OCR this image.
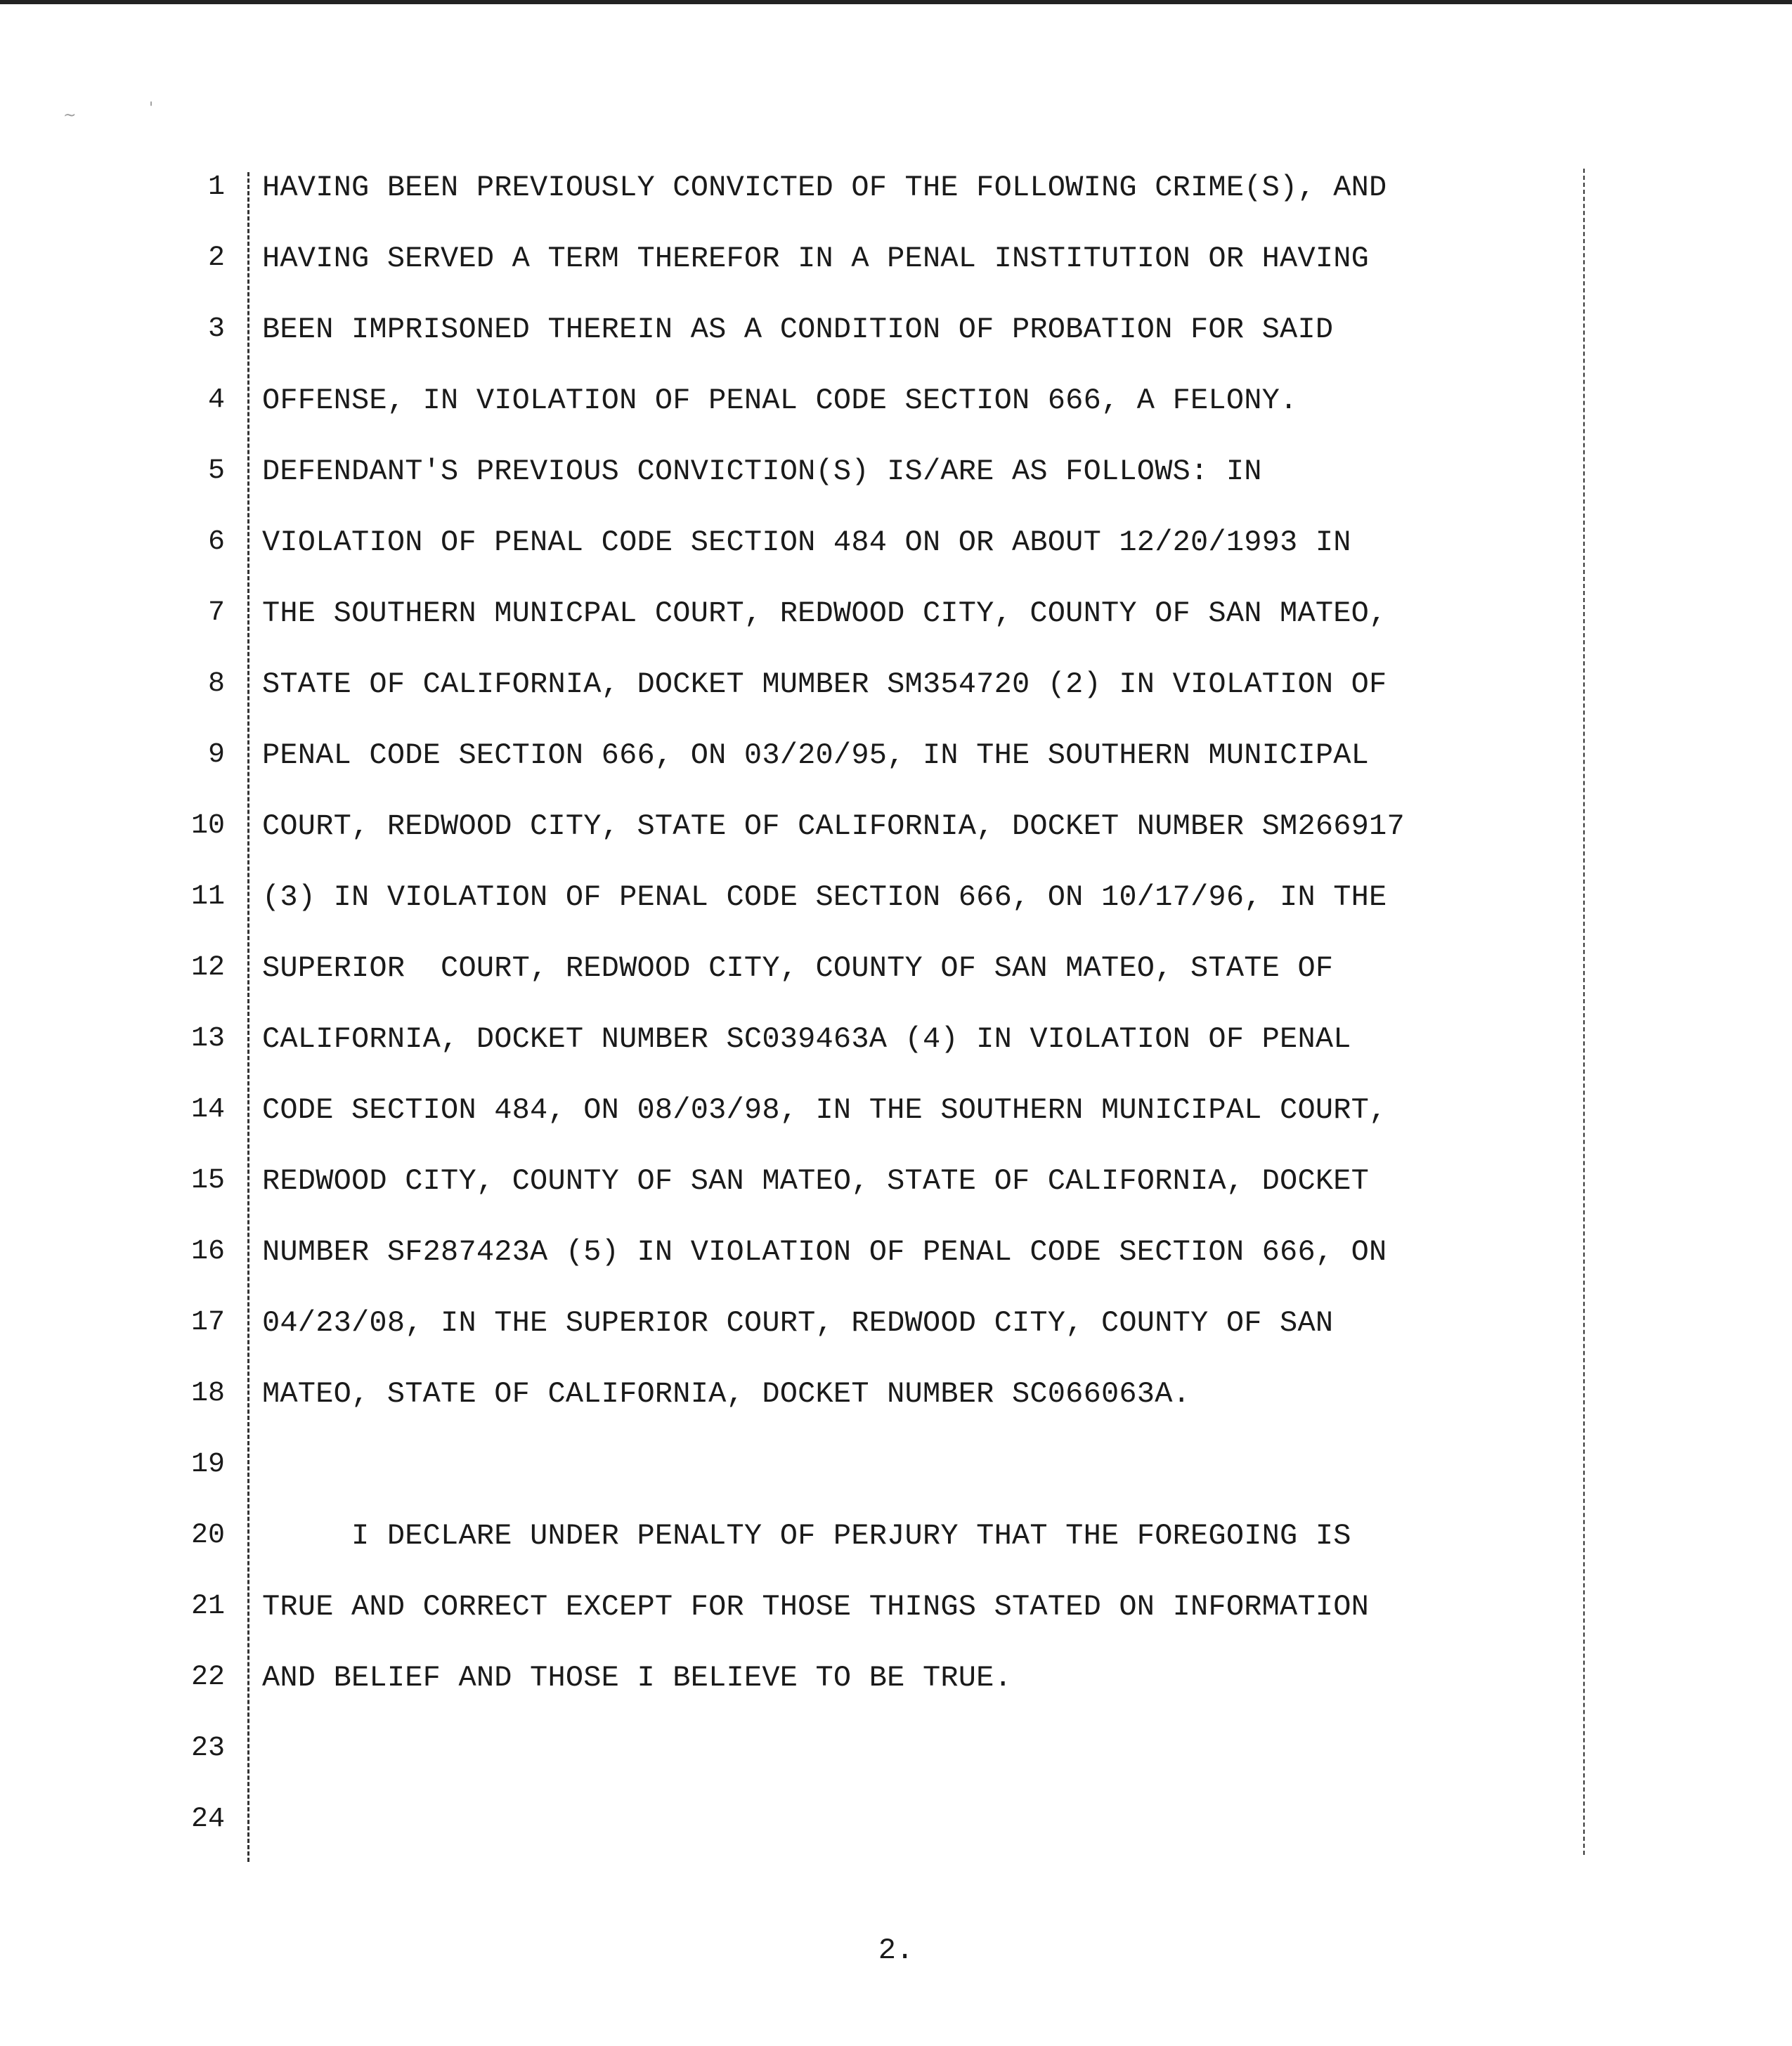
~	'
1 HAVING BEEN PREVIOUSLY CONVICTED OF THE FOLLOWING CRIME(S), AND
2 HAVING SERVED A TERM THEREFOR IN A PENAL INSTITUTION OR HAVING
3 BEEN IMPRISONED THEREIN AS A CONDITION OF PROBATION FOR SAID
4 OFFENSE, IN VIOLATION OF PENAL CODE SECTION 666, A FELONY.
5 DEFENDANT'S PREVIOUS CONVICTION(S) IS/ARE AS FOLLOWS: IN
6 VIOLATION OF PENAL CODE SECTION 484 ON OR ABOUT 12/20/1993 IN
7 THE SOUTHERN MUNICPAL COURT, REDWOOD CITY, COUNTY OF SAN MATEO,
8 STATE OF CALIFORNIA, DOCKET MUMBER SM354720 (2) IN VIOLATION OF
9 PENAL CODE SECTION 666, ON 03/20/95, IN THE SOUTHERN MUNICIPAL
10 COURT, REDWOOD CITY, STATE OF CALIFORNIA, DOCKET NUMBER SM266917
11 (3) IN VIOLATION OF PENAL CODE SECTION 666, ON 10/17/96, IN THE
12 SUPERIOR  COURT, REDWOOD CITY, COUNTY OF SAN MATEO, STATE OF
13 CALIFORNIA, DOCKET NUMBER SC039463A (4) IN VIOLATION OF PENAL
14 CODE SECTION 484, ON 08/03/98, IN THE SOUTHERN MUNICIPAL COURT,
15 REDWOOD CITY, COUNTY OF SAN MATEO, STATE OF CALIFORNIA, DOCKET
16 NUMBER SF287423A (5) IN VIOLATION OF PENAL CODE SECTION 666, ON
17 04/23/08, IN THE SUPERIOR COURT, REDWOOD CITY, COUNTY OF SAN
18 MATEO, STATE OF CALIFORNIA, DOCKET NUMBER SC066063A.
19
20 I DECLARE UNDER PENALTY OF PERJURY THAT THE FOREGOING IS
21 TRUE AND CORRECT EXCEPT FOR THOSE THINGS STATED ON INFORMATION
22 AND BELIEF AND THOSE I BELIEVE TO BE TRUE.
23
24
2.
